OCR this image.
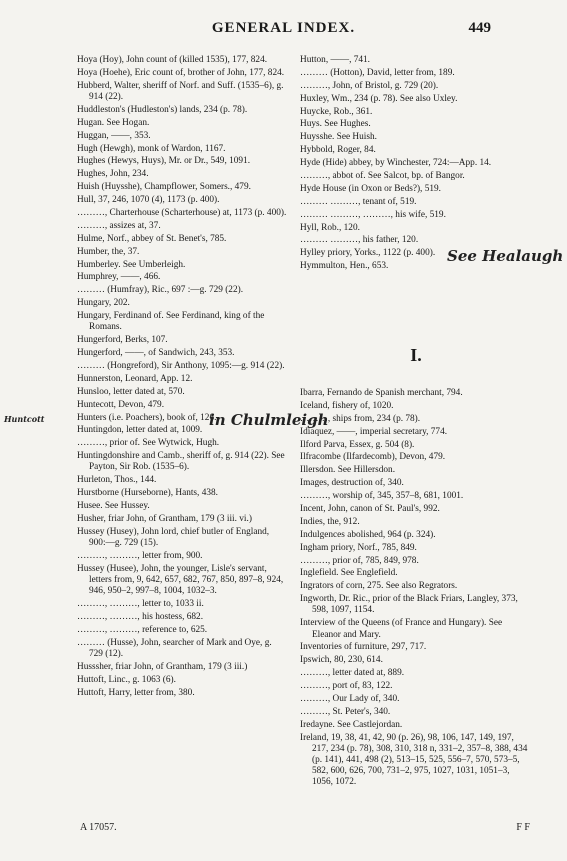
GENERAL INDEX.	449

Hoya (Hoy), John count of (killed 1535), 177, 824.

Hoya (Hoehe), Eric count of, brother of John, 177, 824.

Hubberd, Walter, sheriff of Norf. and Suff. (1535–6), g. 914 (22).

Huddleston's (Hudleston's) lands, 234 (p. 78).

Hugan. See Hogan.

Huggan, ——, 353.

Hugh (Hewgh), monk of Wardon, 1167.

Hughes (Hewys, Huys), Mr. or Dr., 549, 1091.

Hughes, John, 234.

Huish (Huysshe), Champflower, Somers., 479.

Hull, 37, 246, 1070 (4), 1173 (p. 400).

………, Charterhouse (Scharterhouse) at, 1173 (p. 400).

………, assizes at, 37.

Hulme, Norf., abbey of St. Benet's, 785.

Humber, the, 37.

Humberley. See Umberleigh.

Humphrey, ——, 466.

……… (Humfray), Ric., 697 :—g. 729 (22).

Hungary, 202.

Hungary, Ferdinand of. See Ferdinand, king of the Romans.

Hungerford, Berks, 107.

Hungerford, ——, of Sandwich, 243, 353.

……… (Hongreford), Sir Anthony, 1095:—g. 914 (22).

Hunnerston, Leonard, App. 12.

Hunsloo, letter dated at, 570.

Huntecott, Devon, 479.

Hunters (i.e. Poachers), book of, 126.

Huntingdon, letter dated at, 1009.

………, prior of. See Wytwick, Hugh.

Huntingdonshire and Camb., sheriff of, g. 914 (22). See Payton, Sir Rob. (1535–6).

Hurleton, Thos., 144.

Hurstborne (Hurseborne), Hants, 438.

Husee. See Hussey.

Husher, friar John, of Grantham, 179 (3 iii. vi.)

Hussey (Husey), John lord, chief butler of England, 900:—g. 729 (15).

………, ………, letter from, 900.

Hussey (Husee), John, the younger, Lisle's servant, letters from, 9, 642, 657, 682, 767, 850, 897–8, 924, 946, 950–2, 997–8, 1004, 1032–3.

………, ………, letter to, 1033 ii.

………, ………, his hostess, 682.

………, ………, reference to, 625.

……… (Husse), John, searcher of Mark and Oye, g. 729 (12).

Husssher, friar John, of Grantham, 179 (3 iii.)

Huttoft, Linc., g. 1063 (6).

Huttoft, Harry, letter from, 380.

Hutton, ——, 741.

……… (Hotton), David, letter from, 189.

………, John, of Bristol, g. 729 (20).

Huxley, Wm., 234 (p. 78). See also Uxley.

Huycke, Rob., 361.

Huys. See Hughes.

Huysshe. See Huish.

Hybbold, Roger, 84.

Hyde (Hide) abbey, by Winchester, 724:—App. 14.

………, abbot of. See Salcot, bp. of Bangor.

Hyde House (in Oxon or Beds?), 519.

……… ………, tenant of, 519.

……… ………, ………, his wife, 519.

Hyll, Rob., 120.

……… ………, his father, 120.

Hylley priory, Yorks., 1122 (p. 400).

Hymmulton, Hen., 653.

I.

Ibarra, Fernando de Spanish merchant, 794.

Iceland, fishery of, 1020.

………, ships from, 234 (p. 78).

Idiaquez, ——, imperial secretary, 774.

Ilford Parva, Essex, g. 504 (8).

Ilfracombe (Ilfardecomb), Devon, 479.

Illersdon. See Hillersdon.

Images, destruction of, 340.

………, worship of, 345, 357–8, 681, 1001.

Incent, John, canon of St. Paul's, 992.

Indies, the, 912.

Indulgences abolished, 964 (p. 324).

Ingham priory, Norf., 785, 849.

………, prior of, 785, 849, 978.

Inglefield. See Englefield.

Ingrators of corn, 275. See also Regrators.

Ingworth, Dr. Ric., prior of the Black Friars, Langley, 373, 598, 1097, 1154.

Interview of the Queens (of France and Hungary). See Eleanor and Mary.

Inventories of furniture, 297, 717.

Ipswich, 80, 230, 614.

………, letter dated at, 889.

………, port of, 83, 122.

………, Our Lady of, 340.

………, St. Peter's, 340.

Iredayne. See Castlejordan.

Ireland, 19, 38, 41, 42, 90 (p. 26), 98, 106, 147, 149, 197, 217, 234 (p. 78), 308, 310, 318 n, 331–2, 357–8, 388, 434 (p. 141), 441, 498 (2), 513–15, 525, 556–7, 570, 573–5, 582, 600, 626, 700, 731–2, 975, 1027, 1031, 1051–3, 1056, 1072.

Huntcott	in Chulmleigh
See Healaugh
A 17057.	F F
